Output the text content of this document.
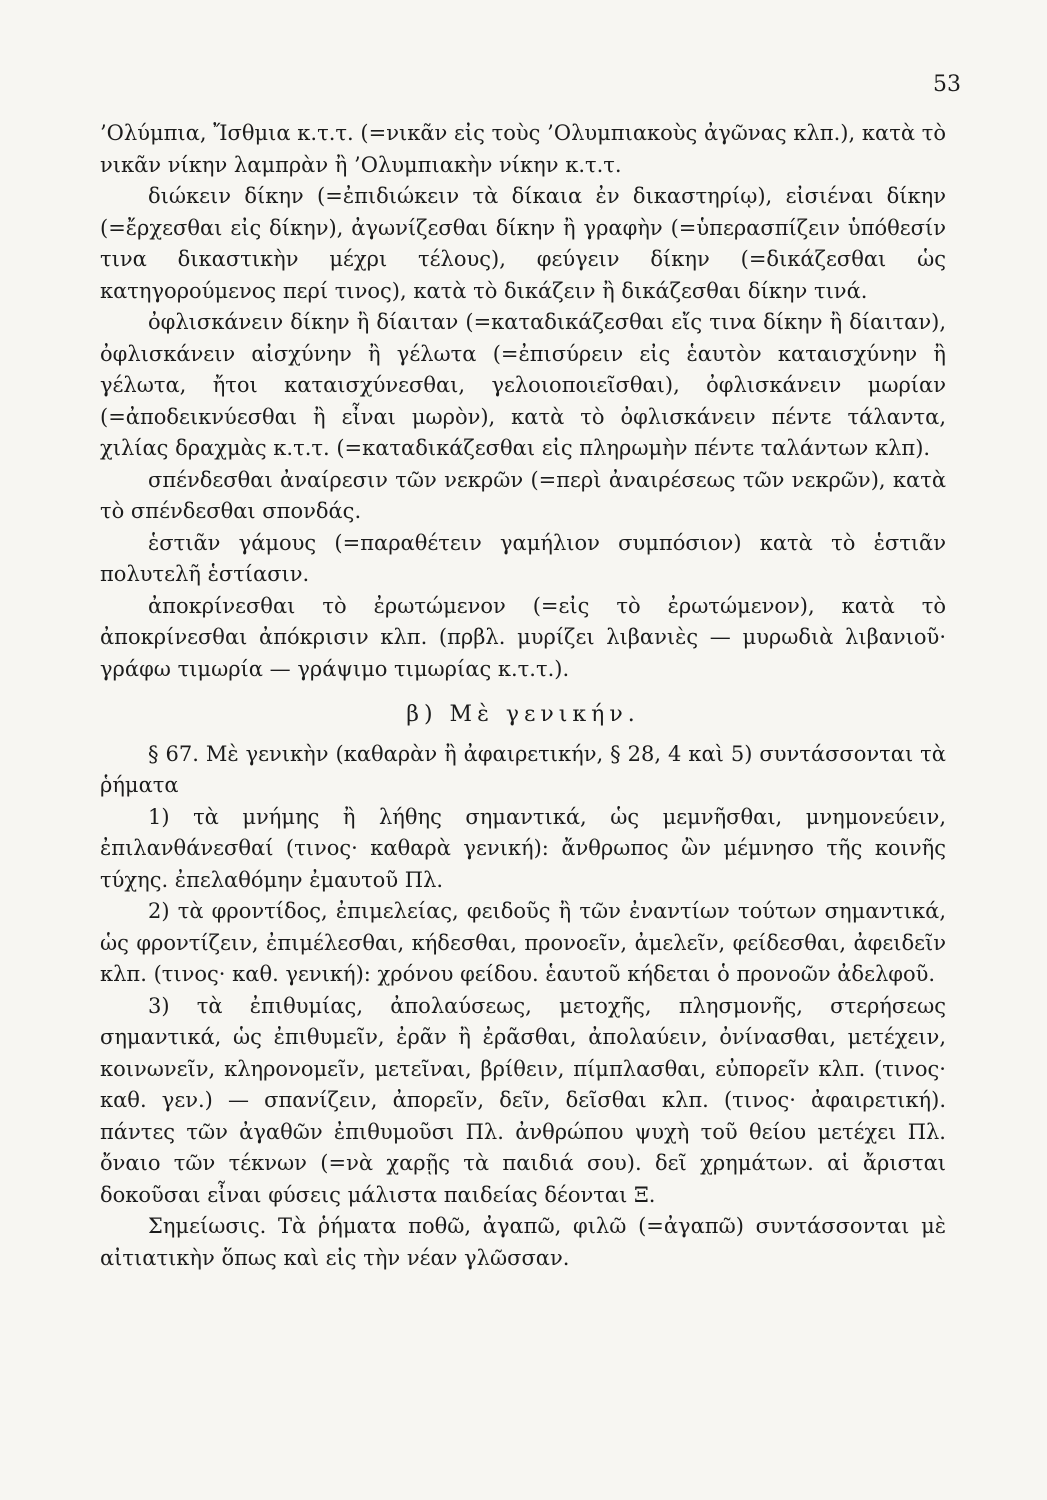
53

’Ολύμπια, Ἴσθμια κ.τ.τ. (=νικᾶν εἰς τοὺς ’Ολυμπιακοὺς ἀγῶνας κλπ.), κατὰ τὸ νικᾶν νίκην λαμπρὰν ἢ ’Ολυμπιακὴν νίκην κ.τ.τ.

διώκειν δίκην (=ἐπιδιώκειν τὰ δίκαια ἐν δικαστηρίῳ), εἰσιέναι δίκην (=ἔρχεσθαι εἰς δίκην), ἀγωνίζεσθαι δίκην ἢ γραφὴν (=ὑπερασπίζειν ὑπόθεσίν τινα δικαστικὴν μέχρι τέλους), φεύγειν δίκην (=δικάζεσθαι ὡς κατηγορούμενος περί τινος), κατὰ τὸ δικάζειν ἢ δικάζεσθαι δίκην τινά.

ὀφλισκάνειν δίκην ἢ δίαιταν (=καταδικάζεσθαι εἴς τινα δίκην ἢ δίαιταν), ὀφλισκάνειν αἰσχύνην ἢ γέλωτα (=ἐπισύρειν εἰς ἑαυτὸν καταισχύνην ἢ γέλωτα, ἤτοι καταισχύνεσθαι, γελοιοποιεῖσθαι), ὀφλισκάνειν μωρίαν (=ἀποδεικνύεσθαι ἢ εἶναι μωρὸν), κατὰ τὸ ὀφλισκάνειν πέντε τάλαντα, χιλίας δραχμὰς κ.τ.τ. (=καταδικάζεσθαι εἰς πληρωμὴν πέντε ταλάντων κλπ).

σπένδεσθαι ἀναίρεσιν τῶν νεκρῶν (=περὶ ἀναιρέσεως τῶν νεκρῶν), κατὰ τὸ σπένδεσθαι σπονδάς.

ἑστιᾶν γάμους (=παραθέτειν γαμήλιον συμπόσιον) κατὰ τὸ ἑστιᾶν πολυτελῆ ἑστίασιν.

ἀποκρίνεσθαι τὸ ἐρωτώμενον (=εἰς τὸ ἐρωτώμενον), κατὰ τὸ ἀποκρίνεσθαι ἀπόκρισιν κλπ. (πρβλ. μυρίζει λιβανιὲς — μυρωδιὰ λιβανιοῦ· γράφω τιμωρία — γράψιμο τιμωρίας κ.τ.τ.).

β) Μὲ γενικήν.

§ 67. Μὲ γενικὴν (καθαρὰν ἢ ἀφαιρετικήν, § 28, 4 καὶ 5) συντάσσονται τὰ ῥήματα

1) τὰ μνήμης ἢ λήθης σημαντικά, ὡς μεμνῆσθαι, μνημονεύειν, ἐπιλανθάνεσθαί (τινος· καθαρὰ γενική): ἄνθρωπος ὢν μέμνησο τῆς κοινῆς τύχης. ἐπελαθόμην ἐμαυτοῦ Πλ.

2) τὰ φροντίδος, ἐπιμελείας, φειδοῦς ἢ τῶν ἐναντίων τούτων σημαντικά, ὡς φροντίζειν, ἐπιμέλεσθαι, κήδεσθαι, προνοεῖν, ἀμελεῖν, φείδεσθαι, ἀφειδεῖν κλπ. (τινος· καθ. γενική): χρόνου φείδου. ἑαυτοῦ κήδεται ὁ προνοῶν ἀδελφοῦ.

3) τὰ ἐπιθυμίας, ἀπολαύσεως, μετοχῆς, πλησμονῆς, στερήσεως σημαντικά, ὡς ἐπιθυμεῖν, ἐρᾶν ἢ ἐρᾶσθαι, ἀπολαύειν, ὀνίνασθαι, μετέχειν, κοινωνεῖν, κληρονομεῖν, μετεῖναι, βρίθειν, πίμπλασθαι, εὐπορεῖν κλπ. (τινος· καθ. γεν.) — σπανίζειν, ἀπορεῖν, δεῖν, δεῖσθαι κλπ. (τινος· ἀφαιρετική). πάντες τῶν ἀγαθῶν ἐπιθυμοῦσι Πλ. ἀνθρώπου ψυχὴ τοῦ θείου μετέχει Πλ. ὄναιο τῶν τέκνων (=νὰ χαρῇς τὰ παιδιά σου). δεῖ χρημάτων. αἱ ἄρισται δοκοῦσαι εἶναι φύσεις μάλιστα παιδείας δέονται Ξ.

Σημείωσις. Τὰ ῥήματα ποθῶ, ἀγαπῶ, φιλῶ (=ἀγαπῶ) συντάσσονται μὲ αἰτιατικὴν ὅπως καὶ εἰς τὴν νέαν γλῶσσαν.
